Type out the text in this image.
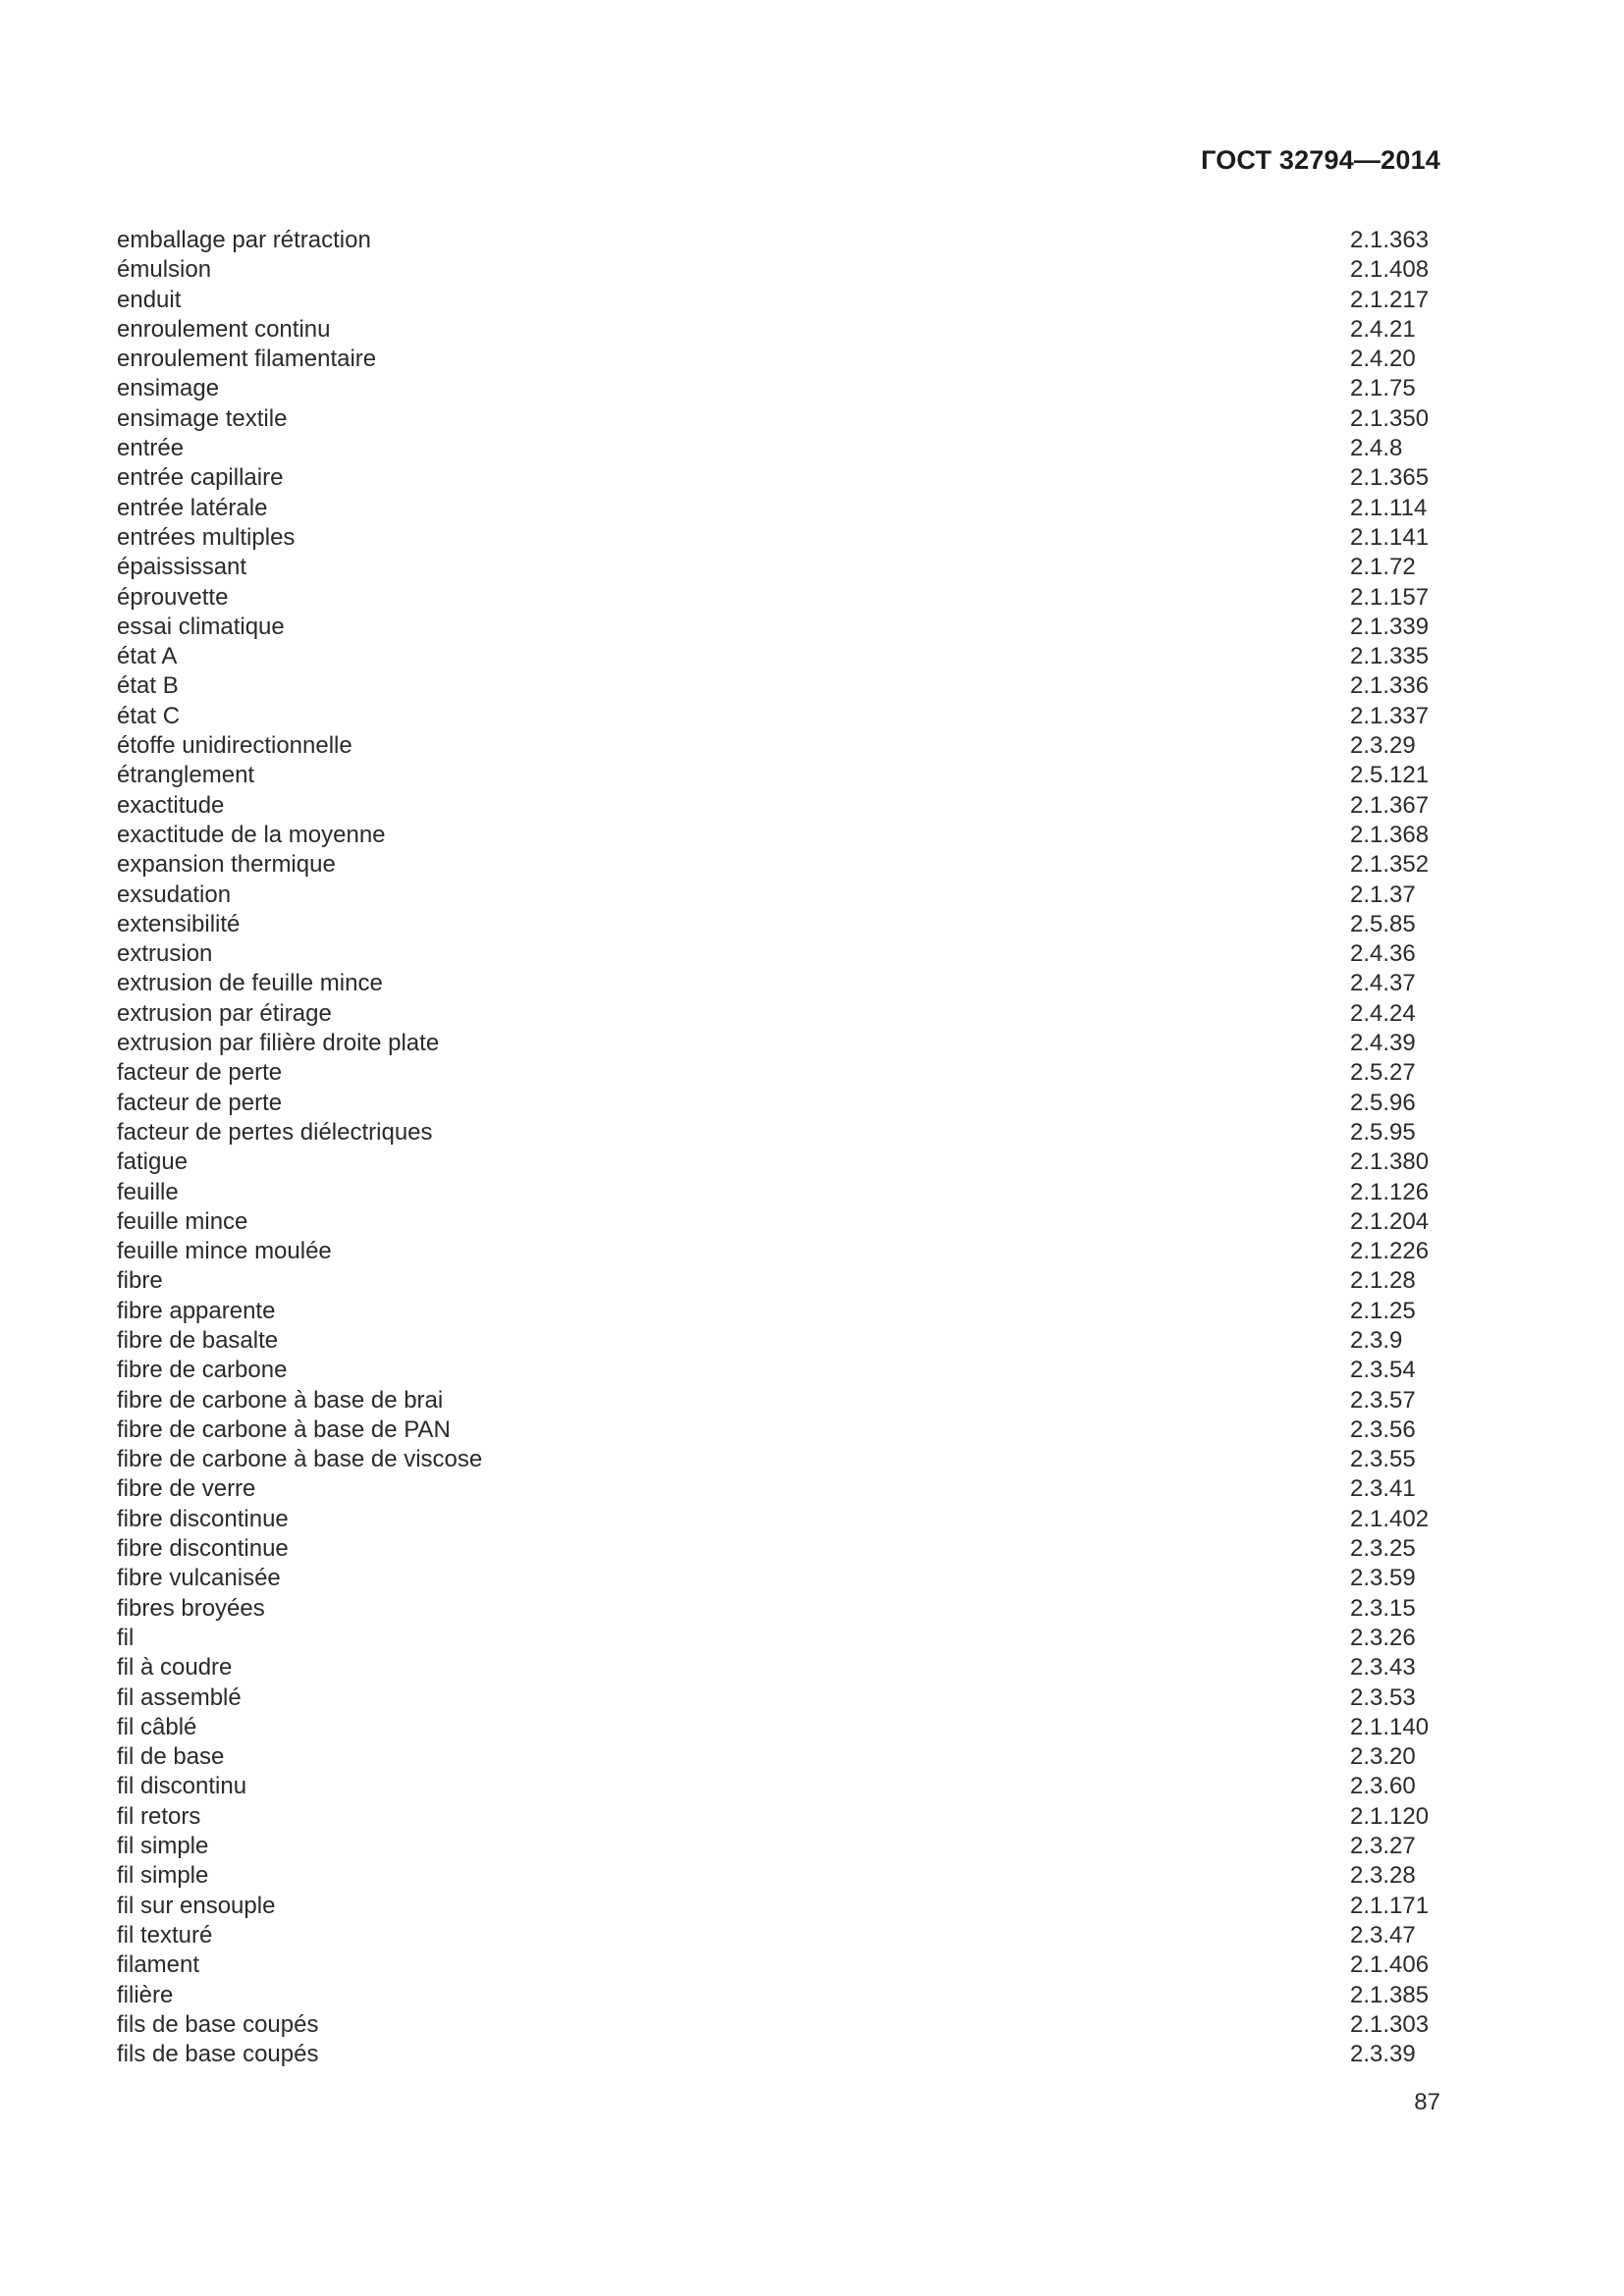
ГОСТ 32794—2014
emballage par rétraction	2.1.363
émulsion	2.1.408
enduit	2.1.217
enroulement continu	2.4.21
enroulement filamentaire	2.4.20
ensimage	2.1.75
ensimage textile	2.1.350
entrée	2.4.8
entrée capillaire	2.1.365
entrée latérale	2.1.114
entrées multiples	2.1.141
épaississant	2.1.72
éprouvette	2.1.157
essai climatique	2.1.339
état A	2.1.335
état B	2.1.336
état C	2.1.337
étoffe unidirectionnelle	2.3.29
étranglement	2.5.121
exactitude	2.1.367
exactitude de la moyenne	2.1.368
expansion thermique	2.1.352
exsudation	2.1.37
extensibilité	2.5.85
extrusion	2.4.36
extrusion de feuille mince	2.4.37
extrusion par étirage	2.4.24
extrusion par filière droite plate	2.4.39
facteur de perte	2.5.27
facteur de perte	2.5.96
facteur de pertes diélectriques	2.5.95
fatigue	2.1.380
feuille	2.1.126
feuille mince	2.1.204
feuille mince moulée	2.1.226
fibre	2.1.28
fibre apparente	2.1.25
fibre de basalte	2.3.9
fibre de carbone	2.3.54
fibre de carbone à base de brai	2.3.57
fibre de carbone à base de PAN	2.3.56
fibre de carbone à base de viscose	2.3.55
fibre de verre	2.3.41
fibre discontinue	2.1.402
fibre discontinue	2.3.25
fibre vulcanisée	2.3.59
fibres broyées	2.3.15
fil	2.3.26
fil à coudre	2.3.43
fil assemblé	2.3.53
fil câblé	2.1.140
fil de base	2.3.20
fil discontinu	2.3.60
fil retors	2.1.120
fil simple	2.3.27
fil simple	2.3.28
fil sur ensouple	2.1.171
fil texturé	2.3.47
filament	2.1.406
filière	2.1.385
fils de base coupés	2.1.303
fils de base coupés	2.3.39
87
